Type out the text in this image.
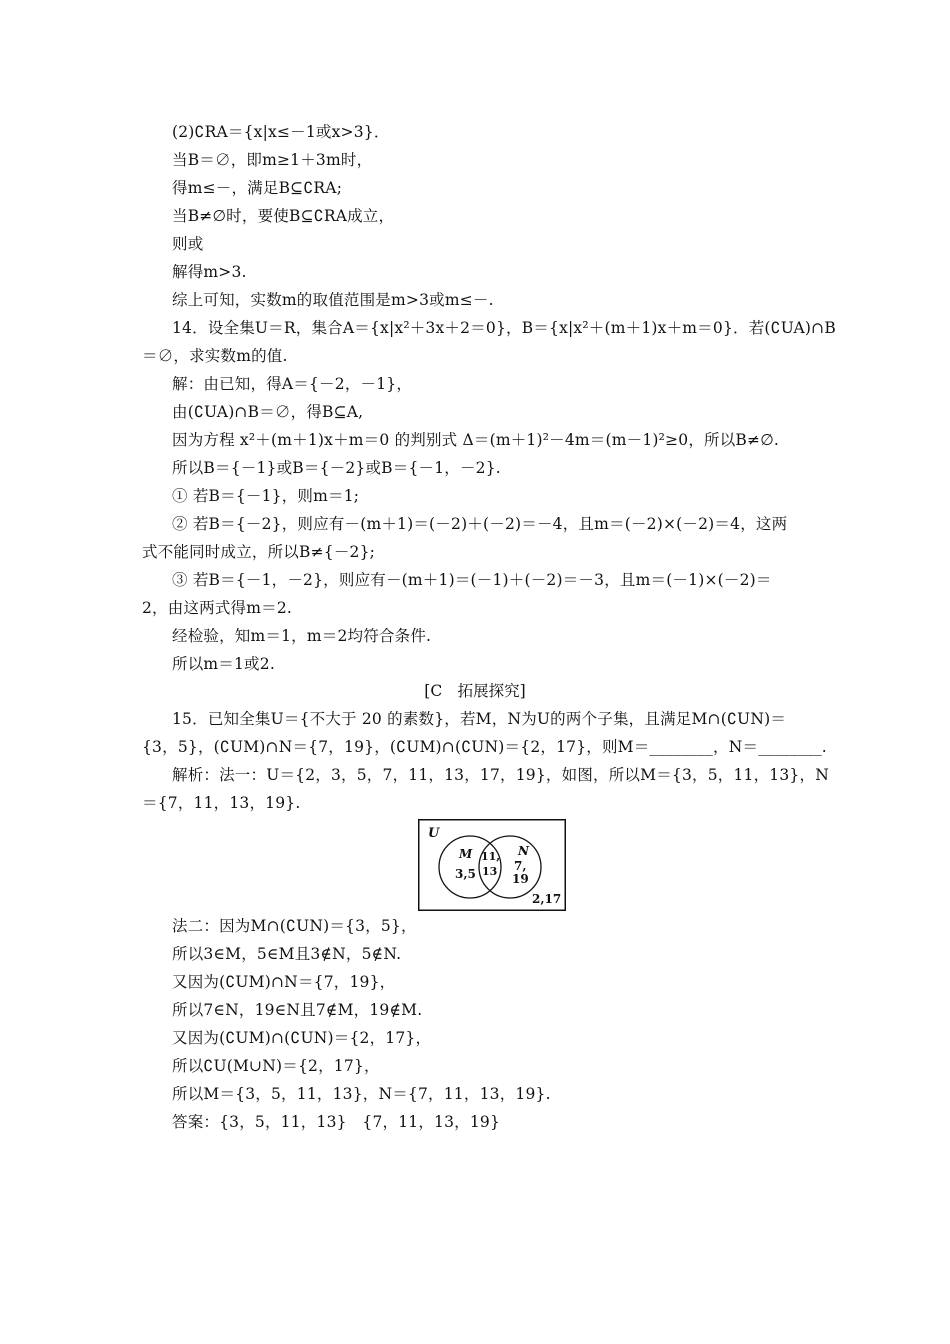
(2)∁RA＝{x|x≤－1或x>3}．
当B＝∅，即m≥1＋3m时，
得m≤－，满足B⊆∁RA;
当B≠∅时，要使B⊆∁RA成立，
则或
解得m>3.
综上可知，实数m的取值范围是m>3或m≤－.
14．设全集U＝R，集合A＝{x|x²＋3x＋2＝0}，B＝{x|x²＋(m＋1)x＋m＝0}．若(∁UA)∩B
＝∅，求实数m的值.
解：由已知，得A＝{－2，－1}，
由(∁UA)∩B＝∅，得B⊆A,
因为方程 x²＋(m＋1)x＋m＝0 的判别式 Δ＝(m＋1)²－4m＝(m－1)²≥0，所以B≠∅.
所以B＝{－1}或B＝{－2}或B＝{－1，－2}.
① 若B＝{－1}，则m＝1;
② 若B＝{－2}，则应有－(m＋1)＝(－2)＋(－2)＝－4，且m＝(－2)×(－2)＝4，这两
式不能同时成立，所以B≠{－2};
③ 若B＝{－1，－2}，则应有－(m＋1)＝(－1)＋(－2)＝－3，且m＝(－1)×(－2)＝
2，由这两式得m＝2.
经检验，知m＝1，m＝2均符合条件.
所以m＝1或2.
[C　拓展探究]
15．已知全集U＝{不大于 20 的素数}，若M，N为U的两个子集，且满足M∩(∁UN)＝
{3，5}，(∁UM)∩N＝{7，19}，(∁UM)∩(∁UN)＝{2，17}，则M＝________，N＝________.
解析：法一：U＝{2，3，5，7，11，13，17，19}，如图，所以M＝{3，5，11，13}，N
＝{7，11，13，19}.
U
M
3,5
11,
13
N
7,
19
2,17
法二：因为M∩(∁UN)＝{3，5}，
所以3∈M，5∈M且3∉N，5∉N.
又因为(∁UM)∩N＝{7，19}，
所以7∈N，19∈N且7∉M，19∉M.
又因为(∁UM)∩(∁UN)＝{2，17}，
所以∁U(M∪N)＝{2，17}，
所以M＝{3，5，11，13}，N＝{7，11，13，19}.
答案：{3，5，11，13}　{7，11，13，19}
